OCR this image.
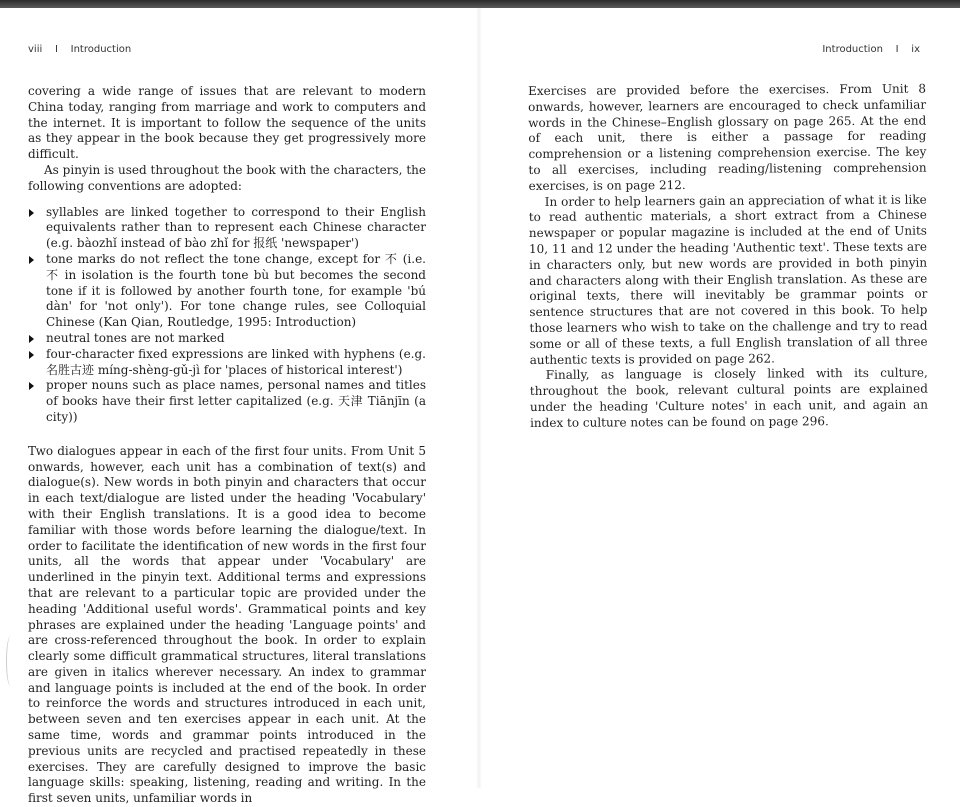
viii    I    Introduction	Introduction    I    ix

covering a wide range of issues that are relevant to modern China today, ranging from marriage and work to computers and the internet. It is important to follow the sequence of the units as they appear in the book because they get progressively more difficult.

As pinyin is used throughout the book with the characters, the following conventions are adopted:

syllables are linked together to correspond to their English equivalents rather than to represent each Chinese character (e.g. bàozhǐ instead of bào zhǐ for 报纸 'newspaper')
tone marks do not reflect the tone change, except for 不 (i.e. 不 in isolation is the fourth tone bù but becomes the second tone if it is followed by another fourth tone, for example 'bú dàn' for 'not only'). For tone change rules, see Colloquial Chinese (Kan Qian, Routledge, 1995: Introduction)
neutral tones are not marked
four-character fixed expressions are linked with hyphens (e.g. 名胜古迹 míng-shèng-gǔ-jì for 'places of historical interest')
proper nouns such as place names, personal names and titles of books have their first letter capitalized (e.g. 天津 Tiānjīn (a city))

Two dialogues appear in each of the first four units. From Unit 5 onwards, however, each unit has a combination of text(s) and dialogue(s). New words in both pinyin and characters that occur in each text/dialogue are listed under the heading 'Vocabulary' with their English translations. It is a good idea to become familiar with those words before learning the dialogue/text. In order to facilitate the identification of new words in the first four units, all the words that appear under 'Vocabulary' are underlined in the pinyin text. Additional terms and expressions that are relevant to a particular topic are provided under the heading 'Additional useful words'. Grammatical points and key phrases are explained under the heading 'Language points' and are cross-referenced throughout the book. In order to explain clearly some difficult grammatical structures, literal translations are given in italics wherever necessary. An index to grammar and language points is included at the end of the book. In order to reinforce the words and structures introduced in each unit, between seven and ten exercises appear in each unit. At the same time, words and grammar points introduced in the previous units are recycled and practised repeatedly in these exercises. They are carefully designed to improve the basic language skills: speaking, listening, reading and writing. In the first seven units, unfamiliar words in

Exercises are provided before the exercises. From Unit 8 onwards, however, learners are encouraged to check unfamiliar words in the Chinese–English glossary on page 265. At the end of each unit, there is either a passage for reading comprehension or a listening comprehension exercise. The key to all exercises, including reading/listening comprehension exercises, is on page 212.

In order to help learners gain an appreciation of what it is like to read authentic materials, a short extract from a Chinese newspaper or popular magazine is included at the end of Units 10, 11 and 12 under the heading 'Authentic text'. These texts are in characters only, but new words are provided in both pinyin and characters along with their English translation. As these are original texts, there will inevitably be grammar points or sentence structures that are not covered in this book. To help those learners who wish to take on the challenge and try to read some or all of these texts, a full English translation of all three authentic texts is provided on page 262.

Finally, as language is closely linked with its culture, throughout the book, relevant cultural points are explained under the heading 'Culture notes' in each unit, and again an index to culture notes can be found on page 296.
